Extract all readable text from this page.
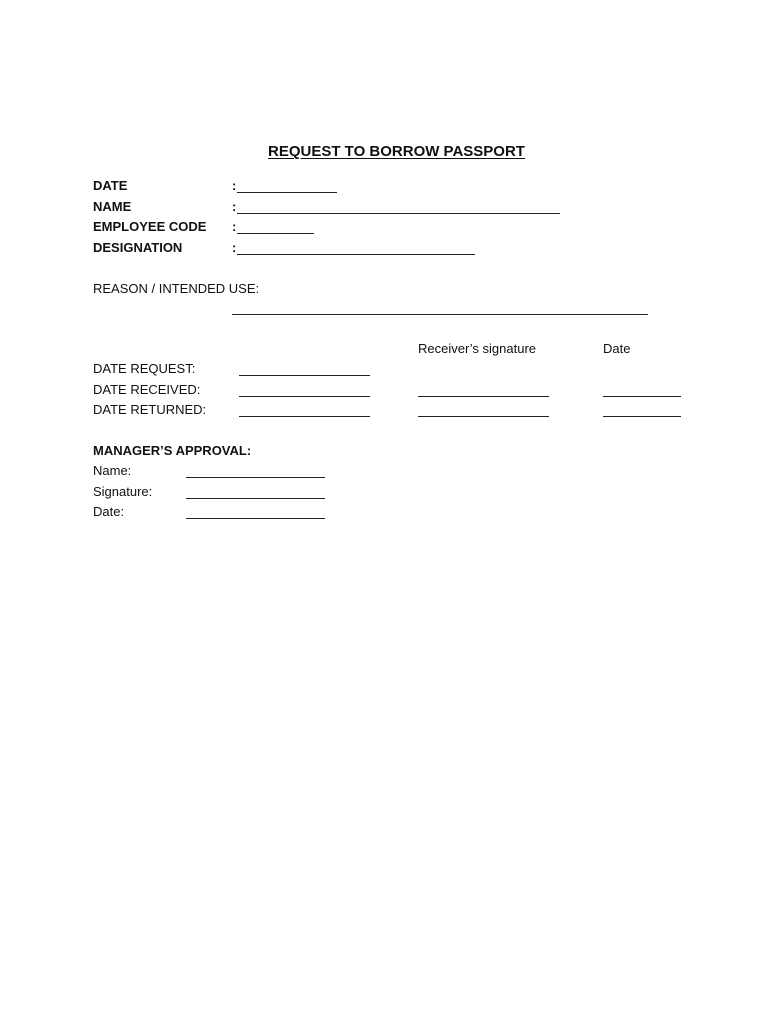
REQUEST TO BORROW PASSPORT
DATE	:
NAME	:
EMPLOYEE CODE :
DESIGNATION	:
REASON / INTENDED USE:
Receiver’s signature	Date
DATE REQUEST:
DATE RECEIVED:
DATE RETURNED:
MANAGER’S APPROVAL:
Name:
Signature:
Date:
